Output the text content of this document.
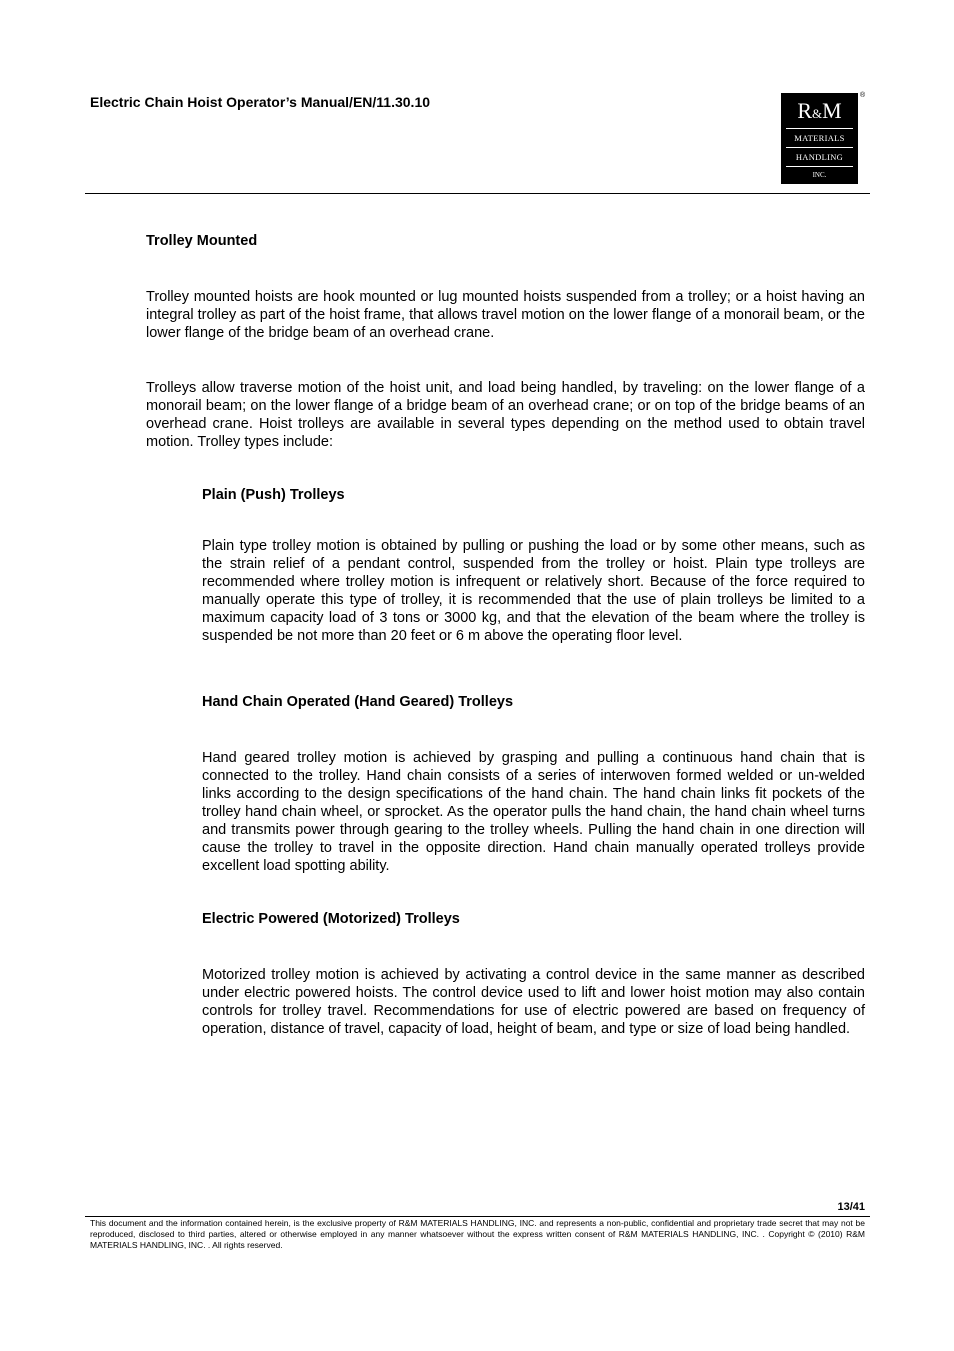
Electric Chain Hoist Operator’s Manual/EN/11.30.10	R&M
MATERIALS
HANDLING
INC.
®
Trolley Mounted
Trolley mounted hoists are hook mounted or lug mounted hoists suspended from a trolley; or a hoist having an integral trolley as part of the hoist frame, that allows travel motion on the lower flange of a monorail beam, or the lower flange of the bridge beam of an overhead crane.
Trolleys allow traverse motion of the hoist unit, and load being handled, by traveling: on the lower flange of a monorail beam; on the lower flange of a bridge beam of an overhead crane; or on top of the bridge beams of an overhead crane. Hoist trolleys are available in several types depending on the method used to obtain travel motion. Trolley types include:
Plain (Push) Trolleys
Plain type trolley motion is obtained by pulling or pushing the load or by some other means, such as the strain relief of a pendant control, suspended from the trolley or hoist. Plain type trolleys are recommended where trolley motion is infrequent or relatively short. Because of the force required to manually operate this type of trolley, it is recommended that the use of plain trolleys be limited to a maximum capacity load of 3 tons or 3000 kg, and that the elevation of the beam where the trolley is suspended be not more than 20 feet or 6 m above the operating floor level.
Hand Chain Operated (Hand Geared) Trolleys
Hand geared trolley motion is achieved by grasping and pulling a continuous hand chain that is connected to the trolley. Hand chain consists of a series of interwoven formed welded or un-welded links according to the design specifications of the hand chain. The hand chain links fit pockets of the trolley hand chain wheel, or sprocket. As the operator pulls the hand chain, the hand chain wheel turns and transmits power through gearing to the trolley wheels. Pulling the hand chain in one direction will cause the trolley to travel in the opposite direction. Hand chain manually operated trolleys provide excellent load spotting ability.
Electric Powered (Motorized) Trolleys
Motorized trolley motion is achieved by activating a control device in the same manner as described under electric powered hoists. The control device used to lift and lower hoist motion may also contain controls for trolley travel. Recommendations for use of electric powered are based on frequency of operation, distance of travel, capacity of load, height of beam, and type or size of load being handled.
13/41
This document and the information contained herein, is the exclusive property of R&M MATERIALS HANDLING, INC. and represents a non-public, confidential and proprietary trade secret that may not be reproduced, disclosed to third parties, altered or otherwise employed in any manner whatsoever without the express written consent of R&M MATERIALS HANDLING, INC. . Copyright © (2010) R&M MATERIALS HANDLING, INC. . All rights reserved.
